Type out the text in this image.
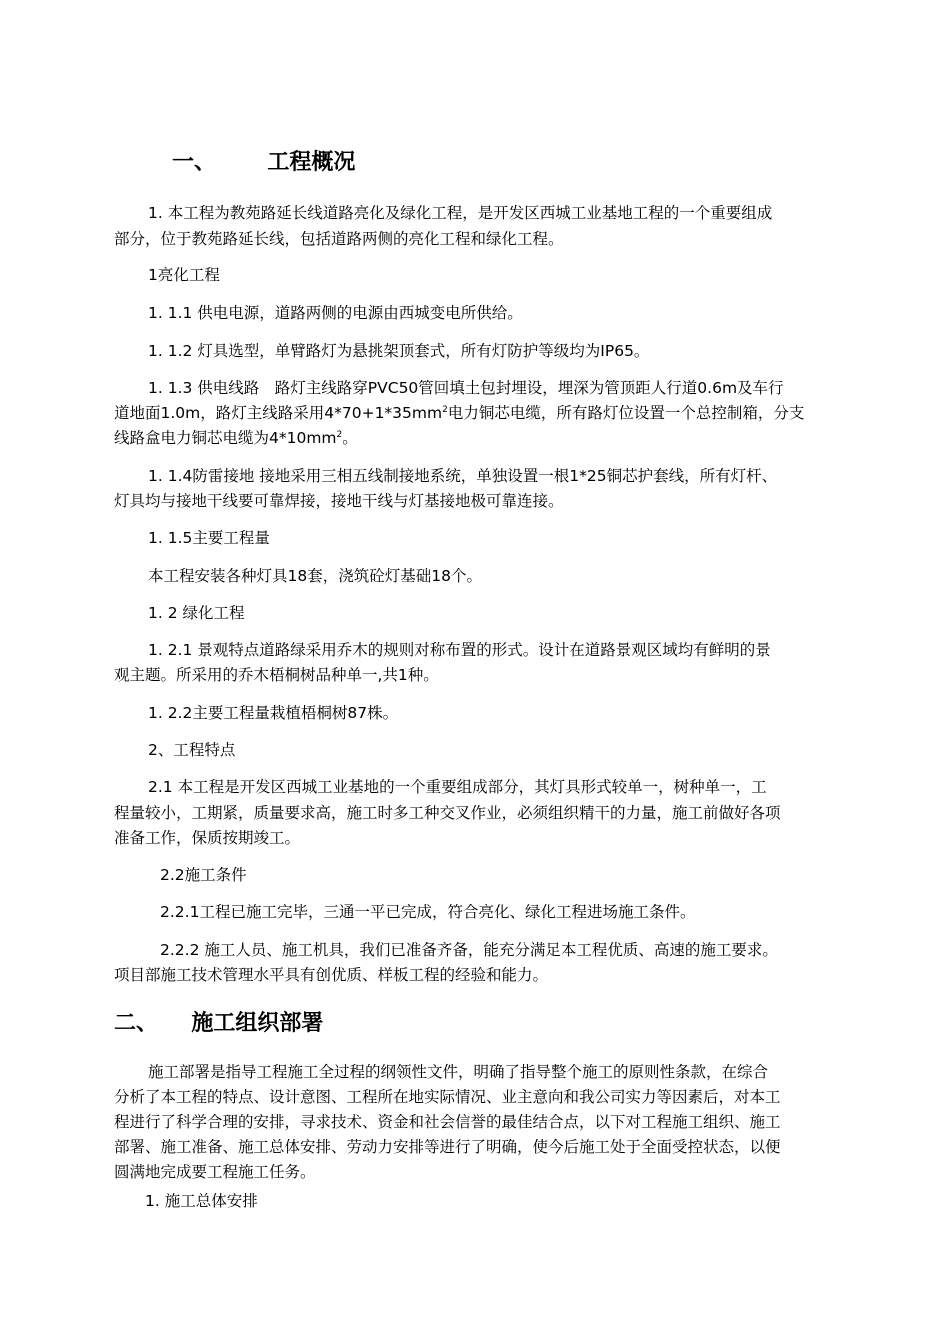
一、 工程概况
1. 本工程为教苑路延长线道路亮化及绿化工程，是开发区西城工业基地工程的一个重要组成
部分，位于教苑路延长线，包括道路两侧的亮化工程和绿化工程。
1亮化工程
1. 1.1 供电电源，道路两侧的电源由西城变电所供给。
1. 1.2 灯具选型，单臂路灯为悬挑架顶套式，所有灯防护等级均为IP65。
1. 1.3 供电线路　路灯主线路穿PVC50管回填土包封埋设，埋深为管顶距人行道0.6m及车行
道地面1.0m，路灯主线路采用$4*70+1*35mm^2$电力铜芯电缆，所有路灯位设置一个总控制箱，分支
线路盒电力铜芯电缆为$4*10mm^2$。
1. 1.4防雷接地 接地采用三相五线制接地系统，单独设置一根1*25铜芯护套线，所有灯杆、
灯具均与接地干线要可靠焊接，接地干线与灯基接地极可靠连接。
1. 1.5主要工程量
本工程安装各种灯具18套，浇筑砼灯基础18个。
1. 2 绿化工程
1. 2.1 景观特点道路绿采用乔木的规则对称布置的形式。设计在道路景观区域均有鲜明的景
观主题。所采用的乔木梧桐树品种单一,共1种。
1. 2.2主要工程量栽植梧桐树87株。
2、工程特点
2.1 本工程是开发区西城工业基地的一个重要组成部分，其灯具形式较单一，树种单一，工
程量较小，工期紧，质量要求高，施工时多工种交叉作业，必须组织精干的力量，施工前做好各项
准备工作，保质按期竣工。
2.2施工条件
2.2.1工程已施工完毕，三通一平已完成，符合亮化、绿化工程进场施工条件。
2.2.2 施工人员、施工机具，我们已准备齐备，能充分满足本工程优质、高速的施工要求。
项目部施工技术管理水平具有创优质、样板工程的经验和能力。
二、 施工组织部署
施工部署是指导工程施工全过程的纲领性文件，明确了指导整个施工的原则性条款，在综合
分析了本工程的特点、设计意图、工程所在地实际情况、业主意向和我公司实力等因素后，对本工
程进行了科学合理的安排，寻求技术、资金和社会信誉的最佳结合点，以下对工程施工组织、施工
部署、施工准备、施工总体安排、劳动力安排等进行了明确，使今后施工处于全面受控状态，以便
圆满地完成要工程施工任务。
1. 施工总体安排
